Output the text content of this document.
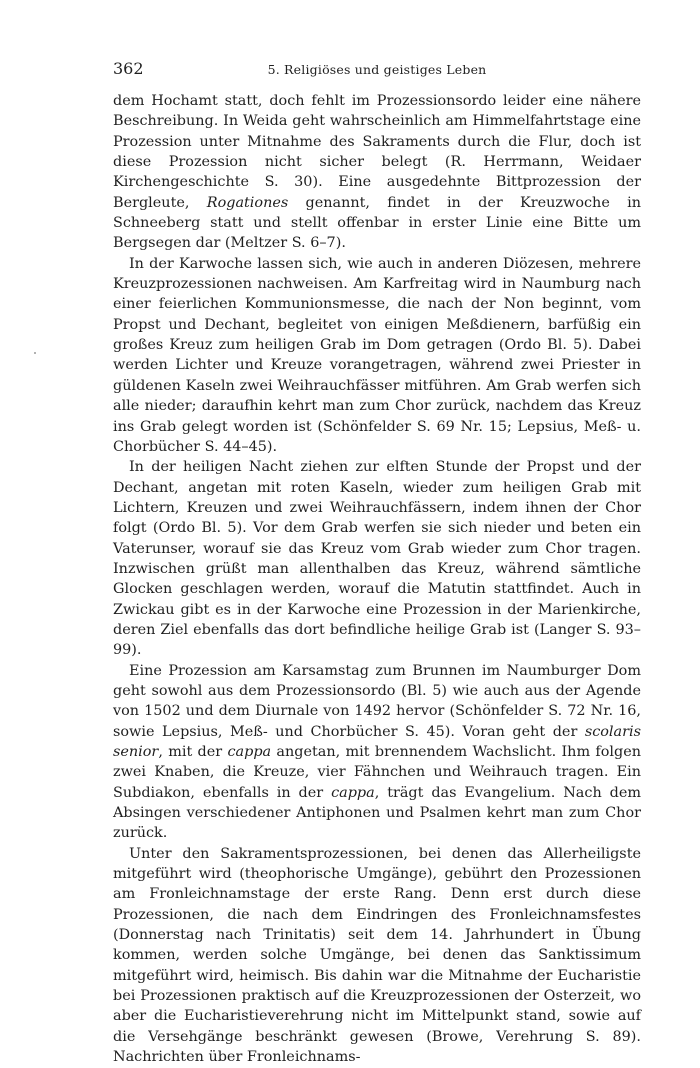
362	5. Religiöses und geistiges Leben

dem Hochamt statt, doch fehlt im Prozessionsordo leider eine nähere Beschreibung. In Weida geht wahrscheinlich am Himmelfahrtstage eine Prozession unter Mitnahme des Sakraments durch die Flur, doch ist diese Prozession nicht sicher belegt (R. Herrmann, Weidaer Kirchengeschichte S. 30). Eine ausgedehnte Bittprozession der Bergleute, Rogationes genannt, findet in der Kreuzwoche in Schneeberg statt und stellt offenbar in erster Linie eine Bitte um Bergsegen dar (Meltzer S. 6–7).

In der Karwoche lassen sich, wie auch in anderen Diözesen, mehrere Kreuzprozessionen nachweisen. Am Karfreitag wird in Naumburg nach einer feierlichen Kommunionsmesse, die nach der Non beginnt, vom Propst und Dechant, begleitet von einigen Meßdienern, barfüßig ein großes Kreuz zum heiligen Grab im Dom getragen (Ordo Bl. 5). Dabei werden Lichter und Kreuze vorangetragen, während zwei Priester in güldenen Kaseln zwei Weihrauchfässer mitführen. Am Grab werfen sich alle nieder; daraufhin kehrt man zum Chor zurück, nachdem das Kreuz ins Grab gelegt worden ist (Schönfelder S. 69 Nr. 15; Lepsius, Meß- u. Chorbücher S. 44–45).

In der heiligen Nacht ziehen zur elften Stunde der Propst und der Dechant, angetan mit roten Kaseln, wieder zum heiligen Grab mit Lichtern, Kreuzen und zwei Weihrauchfässern, indem ihnen der Chor folgt (Ordo Bl. 5). Vor dem Grab werfen sie sich nieder und beten ein Vaterunser, worauf sie das Kreuz vom Grab wieder zum Chor tragen. Inzwischen grüßt man allenthalben das Kreuz, während sämtliche Glocken geschlagen werden, worauf die Matutin stattfindet. Auch in Zwickau gibt es in der Karwoche eine Prozession in der Marienkirche, deren Ziel ebenfalls das dort befindliche heilige Grab ist (Langer S. 93–99).

Eine Prozession am Karsamstag zum Brunnen im Naumburger Dom geht sowohl aus dem Prozessionsordo (Bl. 5) wie auch aus der Agende von 1502 und dem Diurnale von 1492 hervor (Schönfelder S. 72 Nr. 16, sowie Lepsius, Meß- und Chorbücher S. 45). Voran geht der scolaris senior, mit der cappa angetan, mit brennendem Wachslicht. Ihm folgen zwei Knaben, die Kreuze, vier Fähnchen und Weihrauch tragen. Ein Subdiakon, ebenfalls in der cappa, trägt das Evangelium. Nach dem Absingen verschiedener Antiphonen und Psalmen kehrt man zum Chor zurück.

Unter den Sakramentsprozessionen, bei denen das Allerheiligste mitgeführt wird (theophorische Umgänge), gebührt den Prozessionen am Fronleichnamstage der erste Rang. Denn erst durch diese Prozessionen, die nach dem Eindringen des Fronleichnamsfestes (Donnerstag nach Trinitatis) seit dem 14. Jahrhundert in Übung kommen, werden solche Umgänge, bei denen das Sanktissimum mitgeführt wird, heimisch. Bis dahin war die Mitnahme der Eucharistie bei Prozessionen praktisch auf die Kreuzprozessionen der Osterzeit, wo aber die Eucharistieverehrung nicht im Mittelpunkt stand, sowie auf die Versehgänge beschränkt gewesen (Browe, Verehrung S. 89). Nachrichten über Fronleichnams-
